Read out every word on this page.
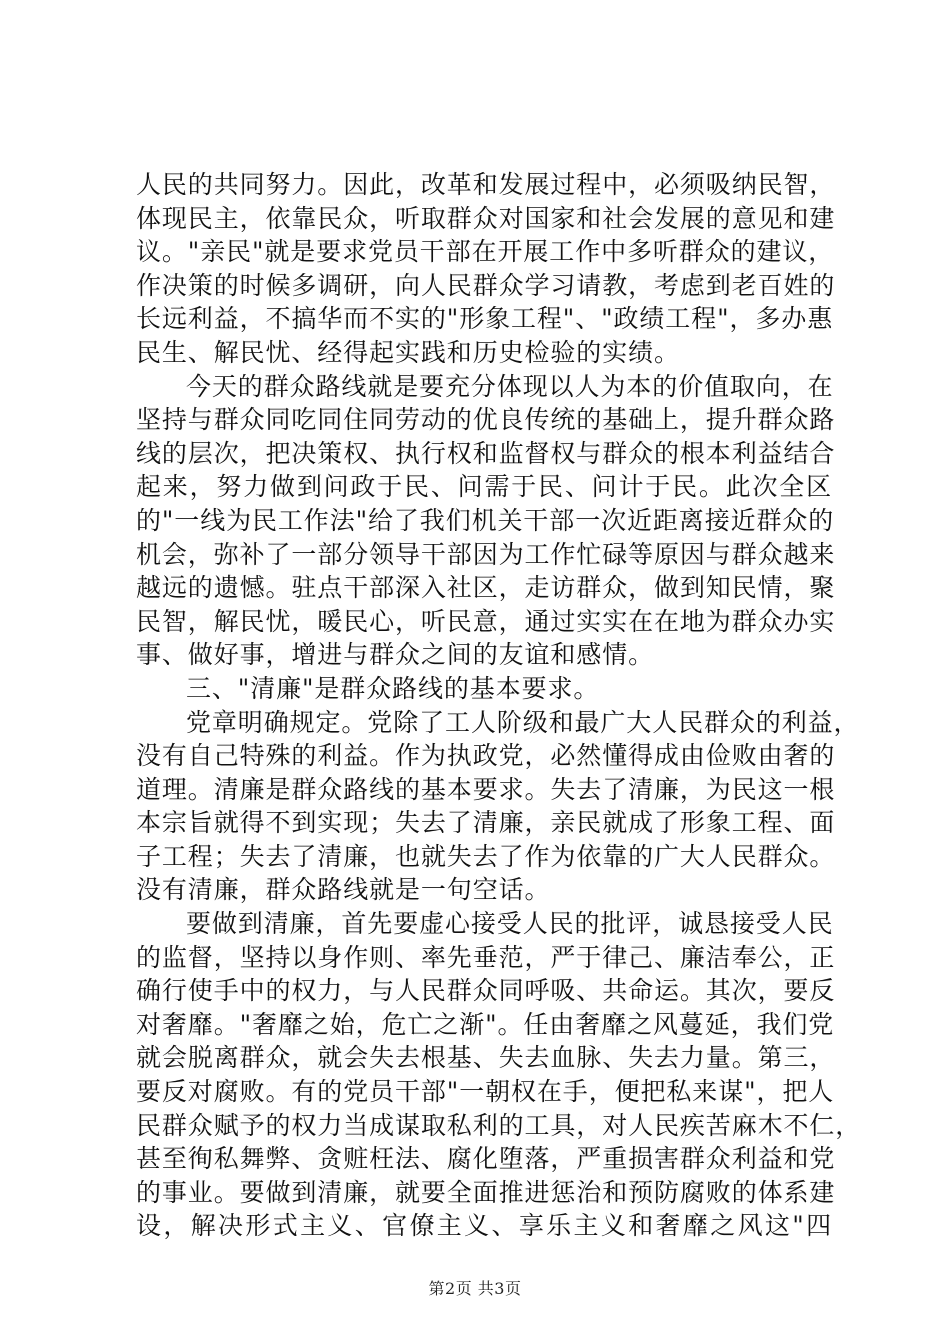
人民的共同努力。因此，改革和发展过程中，必须吸纳民智，
体现民主，依靠民众，听取群众对国家和社会发展的意见和建
议。"亲民"就是要求党员干部在开展工作中多听群众的建议，
作决策的时候多调研，向人民群众学习请教，考虑到老百姓的
长远利益，不搞华而不实的"形象工程"、"政绩工程"，多办惠
民生、解民忧、经得起实践和历史检验的实绩。
今天的群众路线就是要充分体现以人为本的价值取向，在
坚持与群众同吃同住同劳动的优良传统的基础上，提升群众路
线的层次，把决策权、执行权和监督权与群众的根本利益结合
起来，努力做到问政于民、问需于民、问计于民。此次全区
的"一线为民工作法"给了我们机关干部一次近距离接近群众的
机会，弥补了一部分领导干部因为工作忙碌等原因与群众越来
越远的遗憾。驻点干部深入社区，走访群众，做到知民情，聚
民智，解民忧，暖民心，听民意，通过实实在在地为群众办实
事、做好事，增进与群众之间的友谊和感情。
三、"清廉"是群众路线的基本要求。
党章明确规定。党除了工人阶级和最广大人民群众的利益，
没有自己特殊的利益。作为执政党，必然懂得成由俭败由奢的
道理。清廉是群众路线的基本要求。失去了清廉，为民这一根
本宗旨就得不到实现；失去了清廉，亲民就成了形象工程、面
子工程；失去了清廉，也就失去了作为依靠的广大人民群众。
没有清廉，群众路线就是一句空话。
要做到清廉，首先要虚心接受人民的批评，诚恳接受人民
的监督，坚持以身作则、率先垂范，严于律己、廉洁奉公，正
确行使手中的权力，与人民群众同呼吸、共命运。其次，要反
对奢靡。"奢靡之始，危亡之渐"。任由奢靡之风蔓延，我们党
就会脱离群众，就会失去根基、失去血脉、失去力量。第三，
要反对腐败。有的党员干部"一朝权在手，便把私来谋"，把人
民群众赋予的权力当成谋取私利的工具，对人民疾苦麻木不仁，
甚至徇私舞弊、贪赃枉法、腐化堕落，严重损害群众利益和党
的事业。要做到清廉，就要全面推进惩治和预防腐败的体系建
设，解决形式主义、官僚主义、享乐主义和奢靡之风这"四
第2页 共3页
